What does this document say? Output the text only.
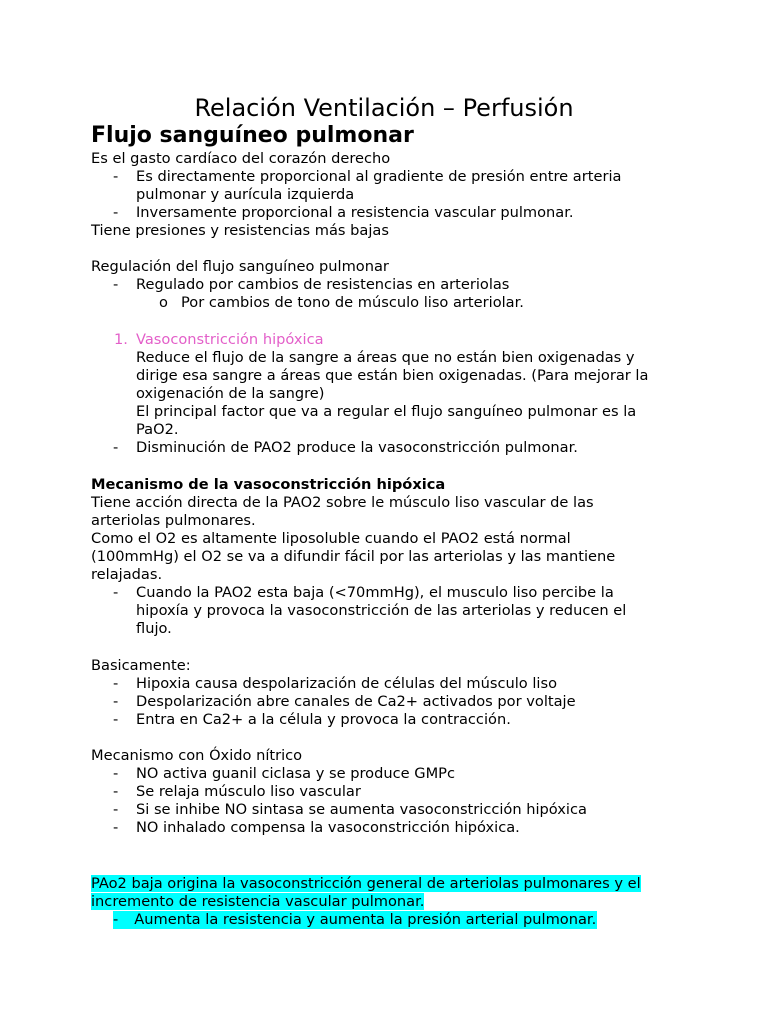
Relación Ventilación – Perfusión

Flujo sanguíneo pulmonar

Es el gasto cardíaco del corazón derecho

- Es directamente proporcional al gradiente de presión entre arteria

pulmonar y aurícula izquierda

- Inversamente proporcional a resistencia vascular pulmonar.

Tiene presiones y resistencias más bajas

Regulación del flujo sanguíneo pulmonar

- Regulado por cambios de resistencias en arteriolas

o Por cambios de tono de músculo liso arteriolar.

1. Vasoconstricción hipóxica

Reduce el flujo de la sangre a áreas que no están bien oxigenadas y

dirige esa sangre a áreas que están bien oxigenadas. (Para mejorar la

oxigenación de la sangre)

El principal factor que va a regular el flujo sanguíneo pulmonar es la

PaO2.

- Disminución de PAO2 produce la vasoconstricción pulmonar.

Mecanismo de la vasoconstricción hipóxica

Tiene acción directa de la PAO2 sobre le músculo liso vascular de las

arteriolas pulmonares.

Como el O2 es altamente liposoluble cuando el PAO2 está normal

(100mmHg) el O2 se va a difundir fácil por las arteriolas y las mantiene

relajadas.

- Cuando la PAO2 esta baja (<70mmHg), el musculo liso percibe la

hipoxía y provoca la vasoconstricción de las arteriolas y reducen el

flujo.

Basicamente:

- Hipoxia causa despolarización de células del músculo liso

- Despolarización abre canales de Ca2+ activados por voltaje

- Entra en Ca2+ a la célula y provoca la contracción.

Mecanismo con Óxido nítrico

- NO activa guanil ciclasa y se produce GMPc

- Se relaja músculo liso vascular

- Si se inhibe NO sintasa se aumenta vasoconstricción hipóxica

- NO inhalado compensa la vasoconstricción hipóxica.

PAo2 baja origina la vasoconstricción general de arteriolas pulmonares y el

incremento de resistencia vascular pulmonar.

- Aumenta la resistencia y aumenta la presión arterial pulmonar.
